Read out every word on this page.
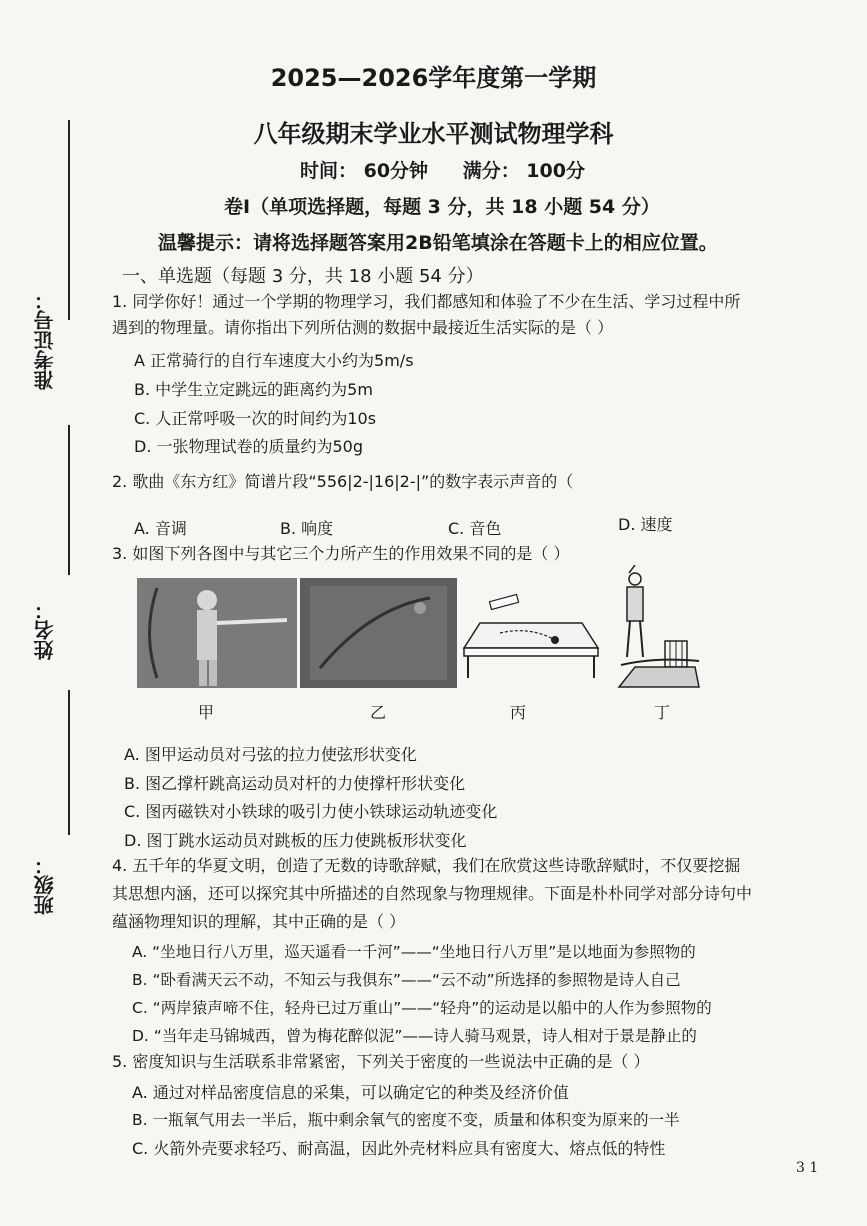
准考证号：
姓名：
班级：
2025—2026学年度第一学期
八年级期末学业水平测试物理学科
时间： 60分钟 满分： 100分
卷Ⅰ（单项选择题，每题 3 分，共 18 小题 54 分）
温馨提示：请将选择题答案用2B铅笔填涂在答题卡上的相应位置。
一、单选题（每题 3 分，共 18 小题 54 分）
1. 同学你好！通过一个学期的物理学习，我们都感知和体验了不少在生活、学习过程中所
遇到的物理量。请你指出下列所估测的数据中最接近生活实际的是（ ）
A 正常骑行的自行车速度大小约为5m/s
B. 中学生立定跳远的距离约为5m
C. 人正常呼吸一次的时间约为10s
D. 一张物理试卷的质量约为50g
2. 歌曲《东方红》简谱片段“556|2-|16|2-|”的数字表示声音的（
A. 音调	B. 响度	C. 音色	D. 速度
3. 如图下列各图中与其它三个力所产生的作用效果不同的是（ ）
甲	乙	丙	丁
A. 图甲运动员对弓弦的拉力使弦形状变化
B. 图乙撑杆跳高运动员对杆的力使撑杆形状变化
C. 图丙磁铁对小铁球的吸引力使小铁球运动轨迹变化
D. 图丁跳水运动员对跳板的压力使跳板形状变化
4. 五千年的华夏文明，创造了无数的诗歌辞赋，我们在欣赏这些诗歌辞赋时，不仅要挖掘
其思想内涵，还可以探究其中所描述的自然现象与物理规律。下面是朴朴同学对部分诗句中
蕴涵物理知识的理解，其中正确的是（ ）
A. “坐地日行八万里，巡天遥看一千河”——“坐地日行八万里”是以地面为参照物的
B. “卧看满天云不动，不知云与我俱东”——“云不动”所选择的参照物是诗人自己
C. “两岸猿声啼不住，轻舟已过万重山”——“轻舟”的运动是以船中的人作为参照物的
D. “当年走马锦城西，曾为梅花醉似泥”——诗人骑马观景，诗人相对于景是静止的
5. 密度知识与生活联系非常紧密，下列关于密度的一些说法中正确的是（ ）
A. 通过对样品密度信息的采集，可以确定它的种类及经济价值
B. 一瓶氧气用去一半后，瓶中剩余氧气的密度不变，质量和体积变为原来的一半
C. 火箭外壳要求轻巧、耐高温，因此外壳材料应具有密度大、熔点低的特性
3 1
